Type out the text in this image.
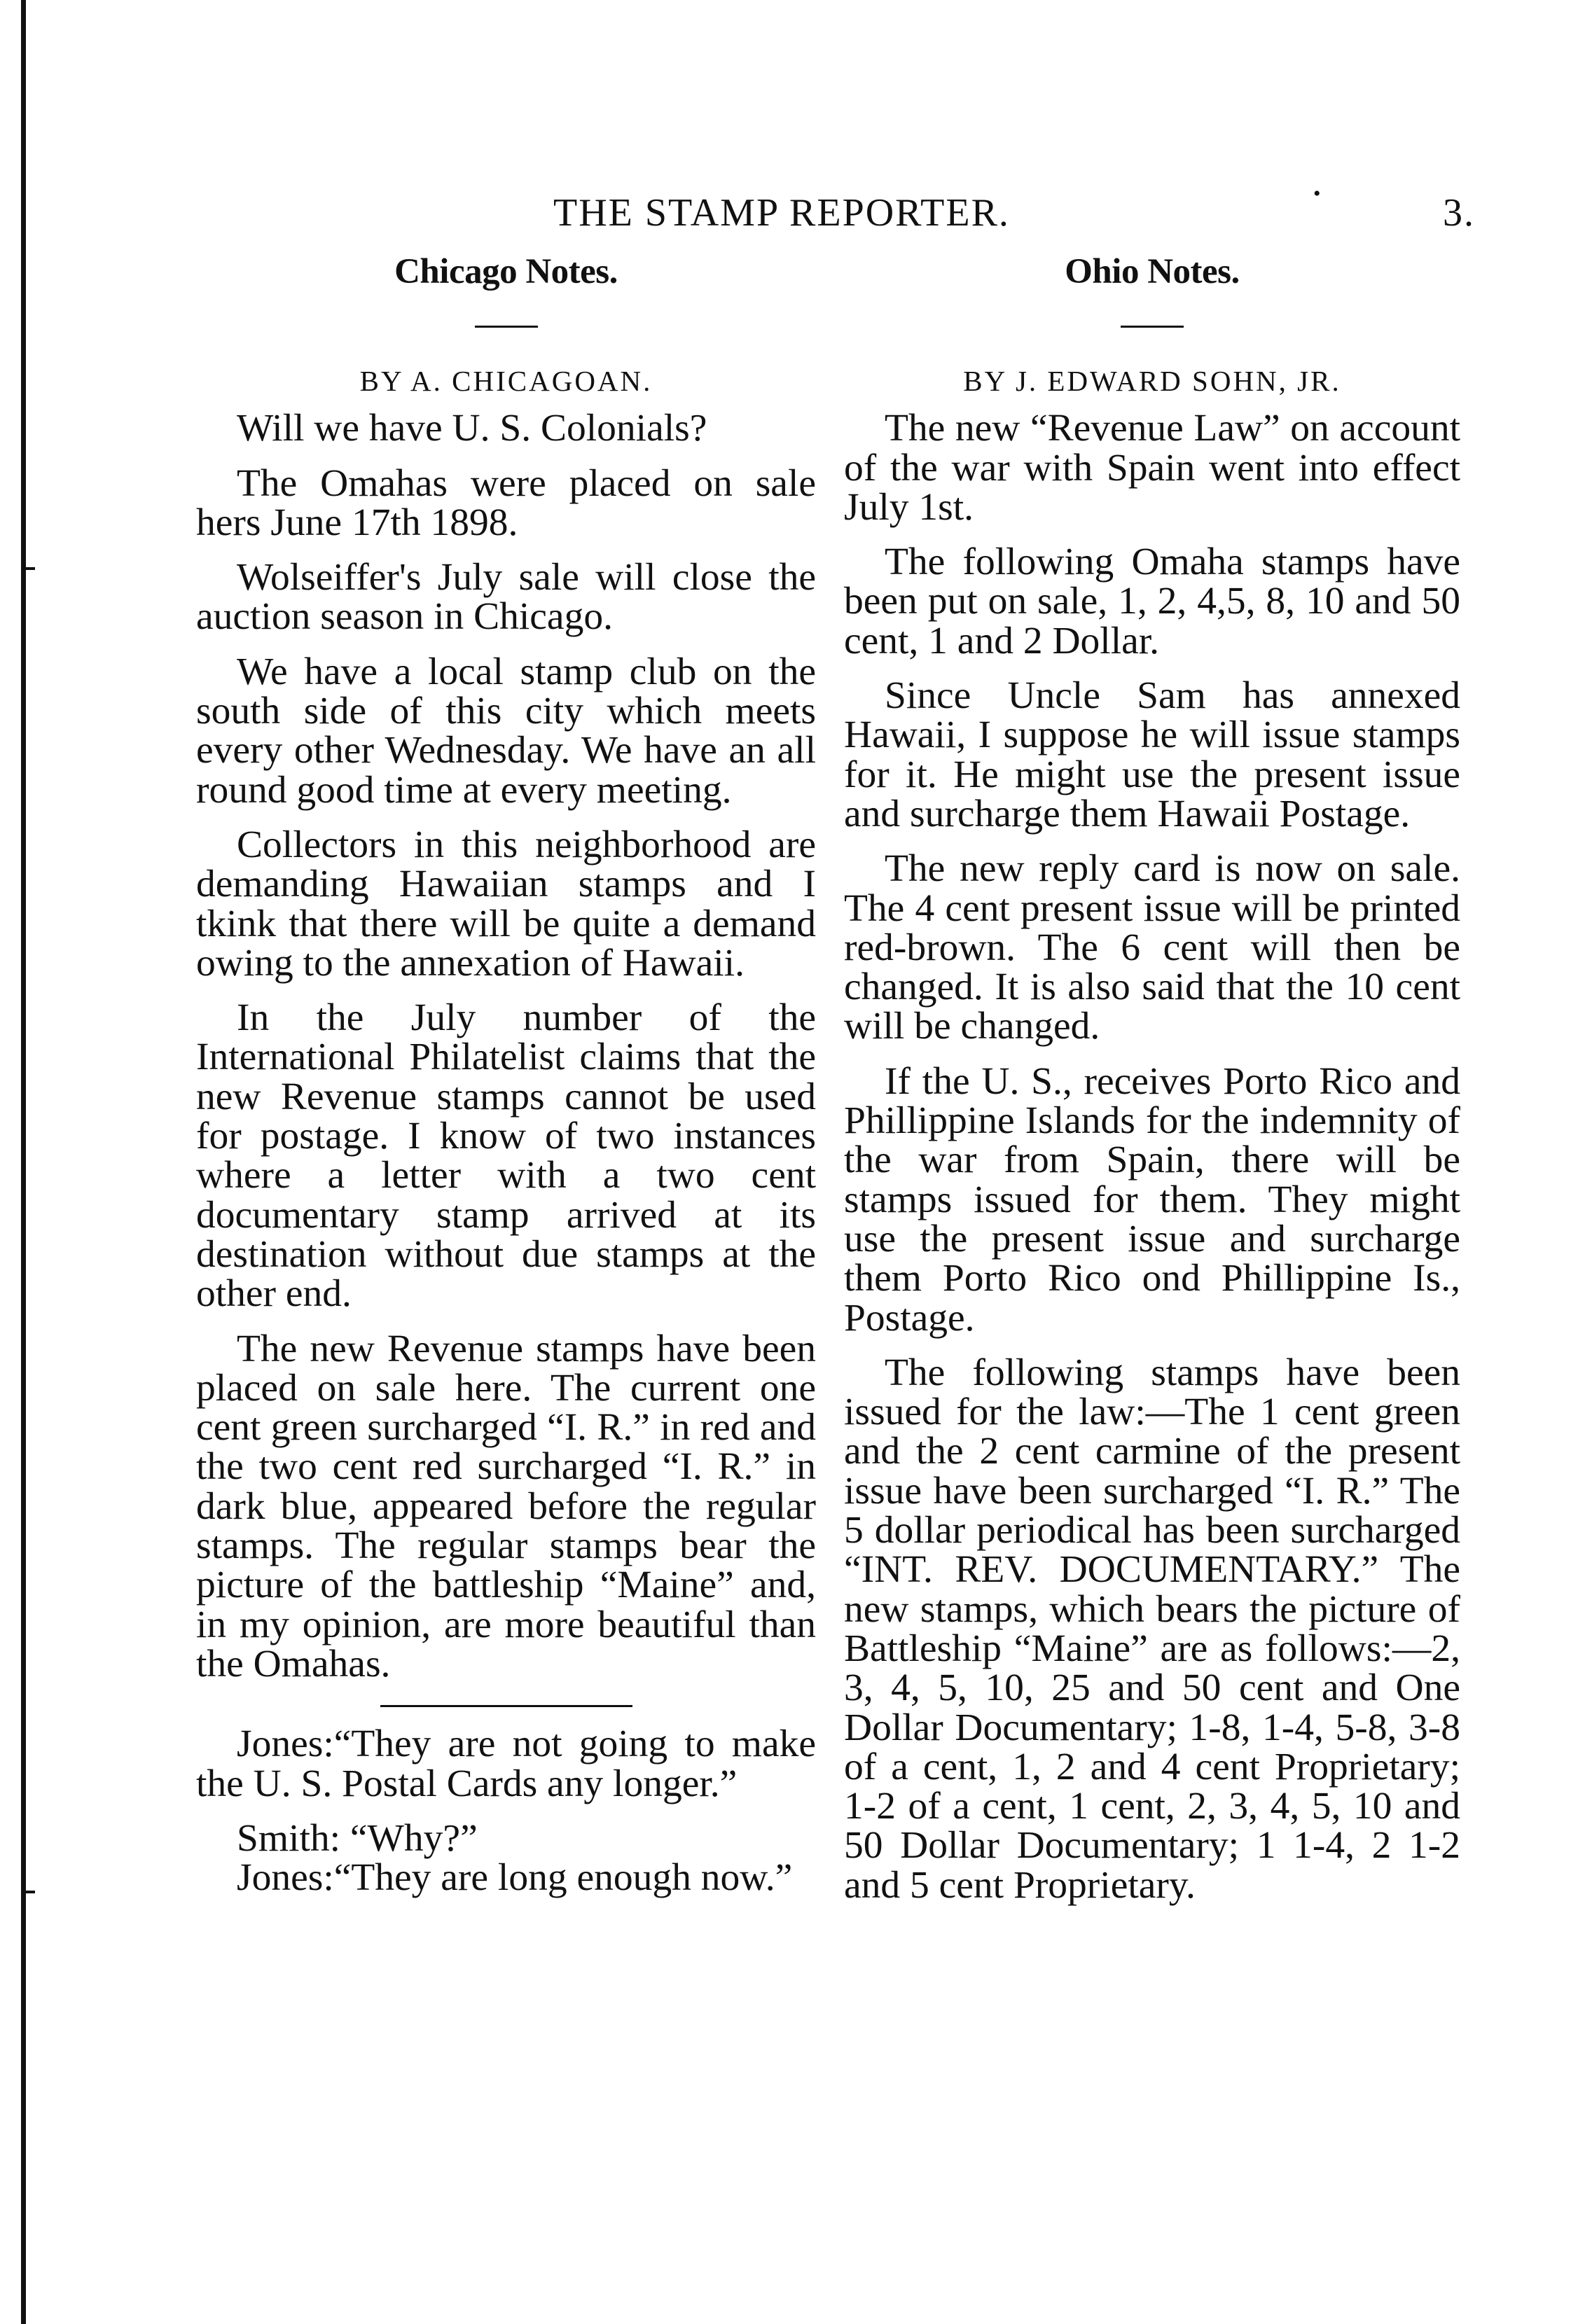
THE STAMP REPORTER.	•	3.
Chicago Notes.
BY A. CHICAGOAN.

Will we have U. S. Colonials?

The Omahas were placed on sale hers June 17th 1898.

Wolseiffer's July sale will close the auction season in Chicago.

We have a local stamp club on the south side of this city which meets every other Wednesday. We have an all round good time at every meeting.

Collectors in this neighborhood are demanding Hawaiian stamps and I tkink that there will be quite a demand owing to the annexation of Hawaii.

In the July number of the International Philatelist claims that the new Revenue stamps cannot be used for postage. I know of two instances where a letter with a two cent documentary stamp arrived at its destination without due stamps at the other end.

The new Revenue stamps have been placed on sale here. The current one cent green surcharged “I. R.” in red and the two cent red surcharged “I. R.” in dark blue, appeared before the regular stamps. The regular stamps bear the picture of the battleship “Maine” and, in my opinion, are more beautiful than the Omahas.

Jones:“They are not going to make the U. S. Postal Cards any longer.”

Smith: “Why?”

Jones:“They are long enough now.”

Ohio Notes.
BY J. EDWARD SOHN, JR.

The new “Revenue Law” on account of the war with Spain went into effect July 1st.

The following Omaha stamps have been put on sale, 1, 2, 4,5, 8, 10 and 50 cent, 1 and 2 Dollar.

Since Uncle Sam has annexed Hawaii, I suppose he will issue stamps for it. He might use the present issue and surcharge them Hawaii Postage.

The new reply card is now on sale. The 4 cent present issue will be printed red-brown. The 6 cent will then be changed. It is also said that the 10 cent will be changed.

If the U. S., receives Porto Rico and Phillippine Islands for the indemnity of the war from Spain, there will be stamps issued for them. They might use the present issue and surcharge them Porto Rico ond Phillippine Is., Postage.

The following stamps have been issued for the law:—The 1 cent green and the 2 cent carmine of the present issue have been surcharged “I. R.” The 5 dollar periodical has been surcharged “INT. REV. DOCUMENTARY.” The new stamps, which bears the picture of Battleship “Maine” are as follows:—2, 3, 4, 5, 10, 25 and 50 cent and One Dollar Documentary; 1-8, 1-4, 5-8, 3-8 of a cent, 1, 2 and 4 cent Proprietary; 1-2 of a cent, 1 cent, 2, 3, 4, 5, 10 and 50 Dollar Documentary; 1 1-4, 2 1-2 and 5 cent Proprietary.
